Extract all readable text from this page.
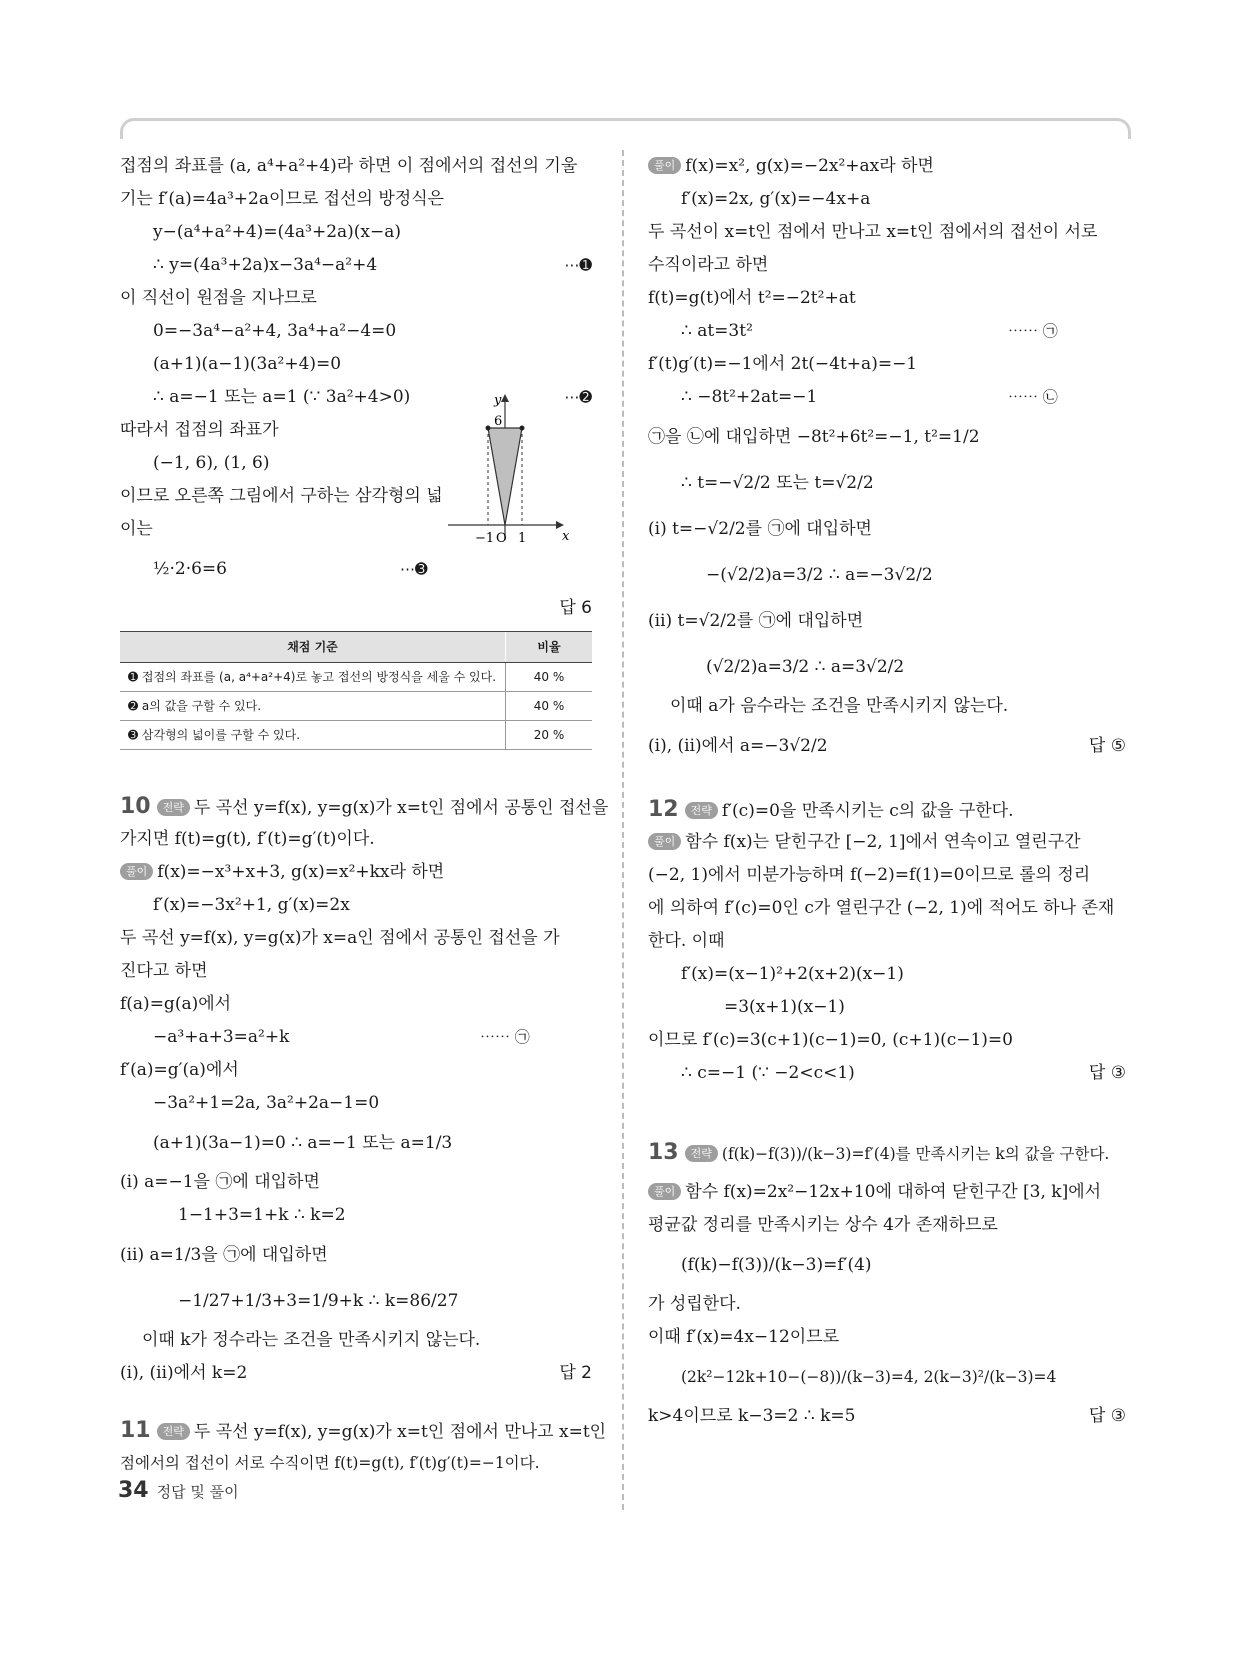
접점의 좌표를 (a, a⁴+a²+4)라 하면 이 점에서의 접선의 기울
기는 f′(a)=4a³+2a이므로 접선의 방정식은
y−(a⁴+a²+4)=(4a³+2a)(x−a)
∴ y=(4a³+2a)x−3a⁴−a²+4	⋯➊
이 직선이 원점을 지나므로
0=−3a⁴−a²+4, 3a⁴+a²−4=0
(a+1)(a−1)(3a²+4)=0
∴ a=−1 또는 a=1 (∵ 3a²+4>0)	⋯➋
따라서 접점의 좌표가
(−1, 6), (1, 6)
이므로 오른쪽 그림에서 구하는 삼각형의 넓
이는
½·2·6=6	⋯➌
답 6
채점 기준	비율
➊ 접점의 좌표를 (a, a⁴+a²+4)로 놓고 접선의 방정식을 세울 수 있다.	40 %
➋ a의 값을 구할 수 있다.	40 %
➌ 삼각형의 넓이를 구할 수 있다.	20 %
10 전략 두 곡선 y=f(x), y=g(x)가 x=t인 점에서 공통인 접선을
가지면 f(t)=g(t), f′(t)=g′(t)이다.
풀이 f(x)=−x³+x+3, g(x)=x²+kx라 하면
f′(x)=−3x²+1, g′(x)=2x
두 곡선 y=f(x), y=g(x)가 x=a인 점에서 공통인 접선을 가
진다고 하면
f(a)=g(a)에서
−a³+a+3=a²+k	⋯⋯ ㉠
f′(a)=g′(a)에서
−3a²+1=2a, 3a²+2a−1=0
(a+1)(3a−1)=0 ∴ a=−1 또는 a=1/3
(ⅰ) a=−1을 ㉠에 대입하면
1−1+3=1+k ∴ k=2
(ⅱ) a=1/3을 ㉠에 대입하면
−1/27+1/3+3=1/9+k ∴ k=86/27
이때 k가 정수라는 조건을 만족시키지 않는다.
(ⅰ), (ⅱ)에서 k=2	답 2
11 전략 두 곡선 y=f(x), y=g(x)가 x=t인 점에서 만나고 x=t인
점에서의 접선이 서로 수직이면 f(t)=g(t), f′(t)g′(t)=−1이다.
y
6
x
−1 O 1
풀이 f(x)=x², g(x)=−2x²+ax라 하면
f′(x)=2x, g′(x)=−4x+a
두 곡선이 x=t인 점에서 만나고 x=t인 점에서의 접선이 서로
수직이라고 하면
f(t)=g(t)에서 t²=−2t²+at
∴ at=3t²	⋯⋯ ㉠
f′(t)g′(t)=−1에서 2t(−4t+a)=−1
∴ −8t²+2at=−1	⋯⋯ ㉡
㉠을 ㉡에 대입하면 −8t²+6t²=−1, t²=1/2
∴ t=−√2/2 또는 t=√2/2
(ⅰ) t=−√2/2를 ㉠에 대입하면
−(√2/2)a=3/2 ∴ a=−3√2/2
(ⅱ) t=√2/2를 ㉠에 대입하면
(√2/2)a=3/2 ∴ a=3√2/2
이때 a가 음수라는 조건을 만족시키지 않는다.
(ⅰ), (ⅱ)에서 a=−3√2/2	답 ⑤
12 전략 f′(c)=0을 만족시키는 c의 값을 구한다.
풀이 함수 f(x)는 닫힌구간 [−2, 1]에서 연속이고 열린구간
(−2, 1)에서 미분가능하며 f(−2)=f(1)=0이므로 롤의 정리
에 의하여 f′(c)=0인 c가 열린구간 (−2, 1)에 적어도 하나 존재
한다. 이때
f′(x)=(x−1)²+2(x+2)(x−1)
=3(x+1)(x−1)
이므로 f′(c)=3(c+1)(c−1)=0, (c+1)(c−1)=0
∴ c=−1 (∵ −2<c<1)	답 ③
13 전략 (f(k)−f(3))/(k−3)=f′(4)를 만족시키는 k의 값을 구한다.
풀이 함수 f(x)=2x²−12x+10에 대하여 닫힌구간 [3, k]에서
평균값 정리를 만족시키는 상수 4가 존재하므로
(f(k)−f(3))/(k−3)=f′(4)
가 성립한다.
이때 f′(x)=4x−12이므로
(2k²−12k+10−(−8))/(k−3)=4, 2(k−3)²/(k−3)=4
k>4이므로 k−3=2 ∴ k=5	답 ③
34 정답 및 풀이
